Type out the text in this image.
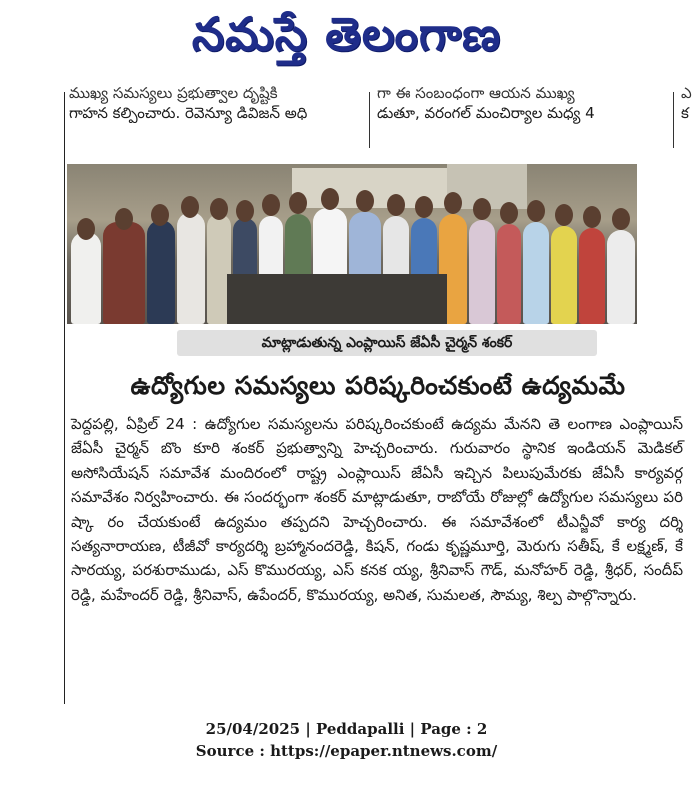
నమస్తే తెలంగాణ
ముఖ్య సమస్యలు ప్రభుత్వాల దృష్టికి
గాహన కల్పించారు. రెవెన్యూ డివిజన్ అధి
గా ఈ సంబంధంగా ఆయన ముఖ్య
డుతూ, వరంగల్ మంచిర్యాల మధ్య 4
ఎ
క
మాట్లాడుతున్న ఎంప్లాయిస్ జేఏసీ చైర్మన్ శంకర్
ఉద్యోగుల సమస్యలు పరిష్కరించకుంటే ఉద్యమమే
పెద్దపల్లి, ఏప్రిల్ 24 : ఉద్యోగుల సమస్యలను పరిష్కరించకుంటే ఉద్యమ మేనని తె లంగాణ ఎంప్లాయిస్ జేఏసీ చైర్మన్ బొం కూరి శంకర్ ప్రభుత్వాన్ని హెచ్చరించారు. గురువారం స్థానిక ఇండియన్ మెడికల్ అసోసియేషన్ సమావేశ మందిరంలో రాష్ట్ర ఎంప్లాయిస్ జేఏసీ ఇచ్చిన పిలుపుమేరకు జేఏసీ కార్యవర్గ సమావేశం నిర్వహించారు. ఈ సందర్భంగా శంకర్ మాట్లాడుతూ, రాబోయే రోజుల్లో ఉద్యోగుల సమస్యలు పరి ష్కా రం చేయకుంటే ఉద్యమం తప్పదని హెచ్చరించారు. ఈ సమావేశంలో టీఎన్జీవో కార్య దర్శి సత్యనారాయణ, టీజీవో కార్యదర్శి బ్రహ్మానందరెడ్డి, కిషన్, గండు కృష్ణమూర్తి, మెరుగు సతీష్, కే లక్ష్మణ్, కే సారయ్య, పరశురాముడు, ఎస్ కొమురయ్య, ఎస్ కనక య్య, శ్రీనివాస్ గౌడ్, మనోహర్ రెడ్డి, శ్రీధర్, సందీప్ రెడ్డి, మహేందర్ రెడ్డి, శ్రీనివాస్, ఉపేందర్, కొమురయ్య, అనిత, సుమలత, సౌమ్య, శిల్ప పాల్గొన్నారు.
25/04/2025 | Peddapalli | Page : 2
Source : https://epaper.ntnews.com/
